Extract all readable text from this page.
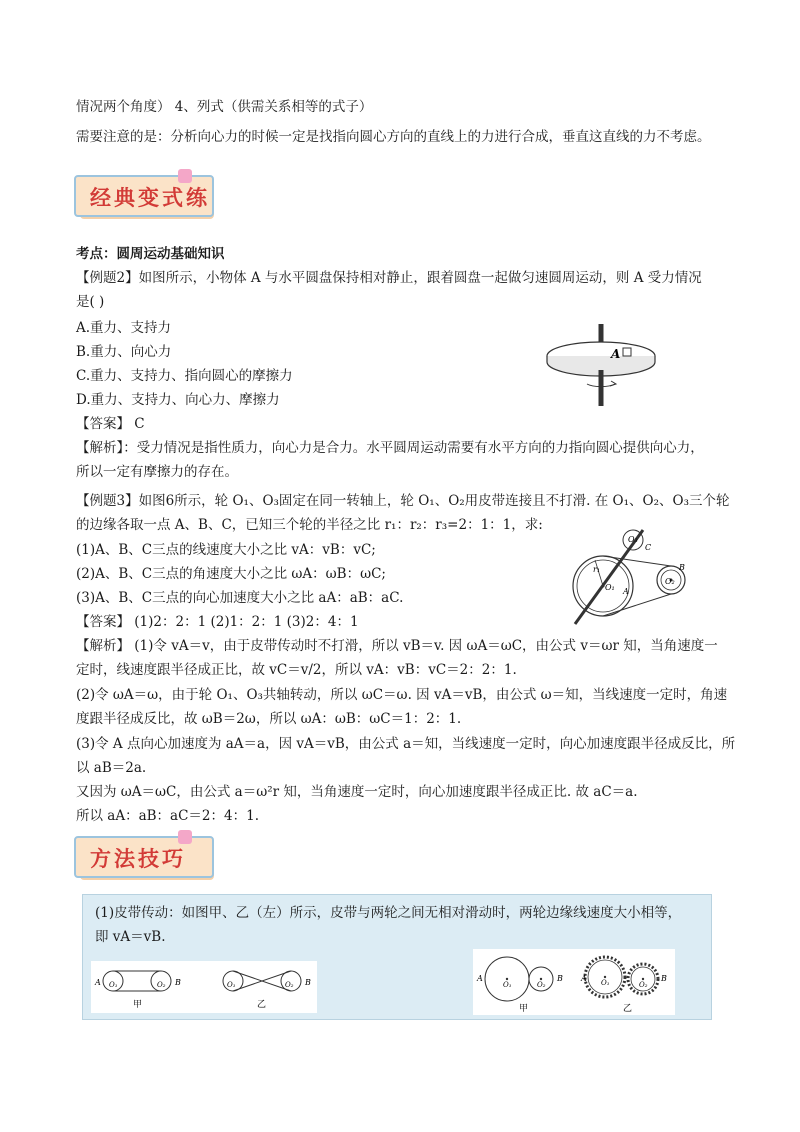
情况两个角度） 4、列式（供需关系相等的式子）
需要注意的是：分析向心力的时候一定是找指向圆心方向的直线上的力进行合成，垂直这直线的力不考虑。
经典变式练
考点：圆周运动基础知识
【例题2】如图所示，小物体 A 与水平圆盘保持相对静止，跟着圆盘一起做匀速圆周运动，则 A 受力情况
是( )
A.重力、支持力
B.重力、向心力
C.重力、支持力、指向圆心的摩擦力
D.重力、支持力、向心力、摩擦力
【答案】 C
【解析】：受力情况是指性质力，向心力是合力。水平圆周运动需要有水平方向的力指向圆心提供向心力，
所以一定有摩擦力的存在。
A
【例题3】如图6所示，轮 O₁、O₃固定在同一转轴上，轮 O₁、O₂用皮带连接且不打滑. 在 O₁、O₂、O₃三个轮
的边缘各取一点 A、B、C，已知三个轮的半径之比 r₁：r₂：r₃=2：1：1，求:
(1)A、B、C三点的线速度大小之比 vA：vB：vC;
(2)A、B、C三点的角速度大小之比 ωA：ωB：ωC;
(3)A、B、C三点的向心加速度大小之比 aA：aB：aC.
【答案】 (1)2：2：1 (2)1：2：1 (3)2：4：1
【解析】 (1)令 vA＝v，由于皮带传动时不打滑，所以 vB＝v. 因 ωA＝ωC，由公式 v＝ωr 知，当角速度一
定时，线速度跟半径成正比，故 vC＝v/2，所以 vA：vB：vC＝2：2：1.
(2)令 ωA＝ω，由于轮 O₁、O₃共轴转动，所以 ωC＝ω. 因 vA＝vB，由公式 ω＝知，当线速度一定时，角速
度跟半径成反比，故 ωB＝2ω，所以 ωA：ωB：ωC＝1：2：1.
(3)令 A 点向心加速度为 aA＝a，因 vA＝vB，由公式 a＝知，当线速度一定时，向心加速度跟半径成反比，所
以 aB＝2a.
又因为 ωA＝ωC，由公式 a＝ω²r 知，当角速度一定时，向心加速度跟半径成正比. 故 aC＝a.
所以 aA：aB：aC＝2：4：1.
O₁
O₂
O₃
r₁
A
B
C
方法技巧
(1)皮带传动：如图甲、乙（左）所示，皮带与两轮之间无相对滑动时，两轮边缘线速度大小相等，
即 vA＝vB.
A	B
O₁	O₂
甲
O₁	O₂ B
乙
A	B
O₁	O₂
甲
A	B
O₁	O₂
乙
